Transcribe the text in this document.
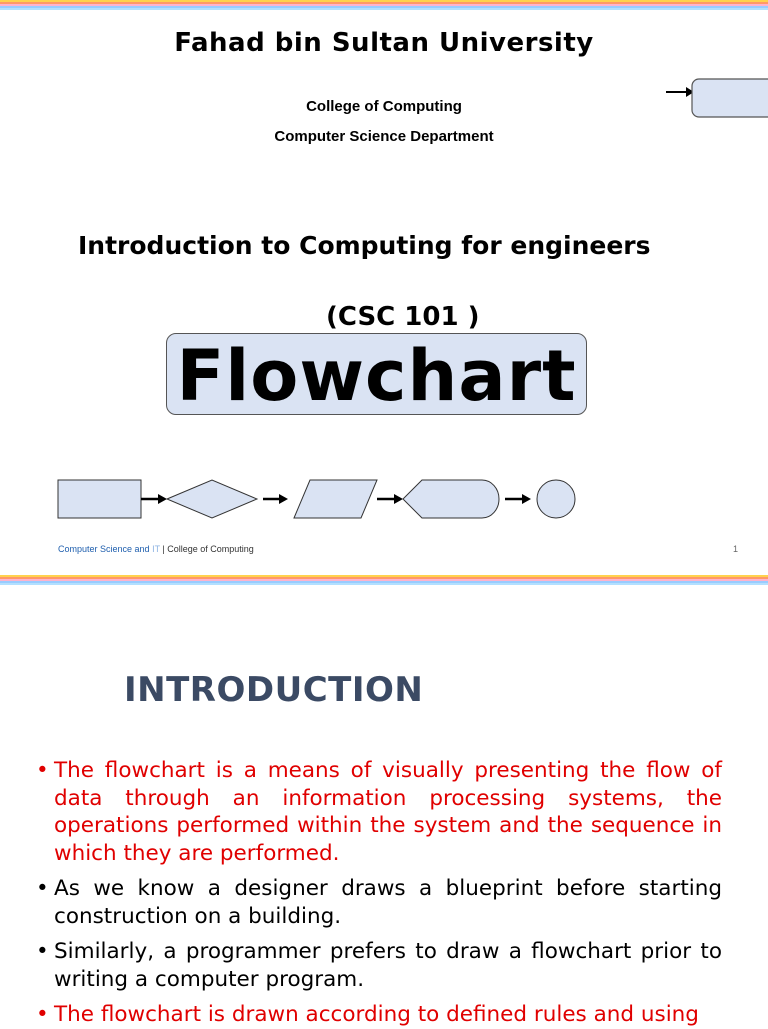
Fahad bin Sultan University
College of Computing
Computer Science Department
Introduction to Computing for engineers
(CSC 101 )
Flowchart
Computer Science and IT | College of Computing	1
INTRODUCTION
• The flowchart is a means of visually presenting the flow of data through an information processing systems, the operations performed within the system and the sequence in which they are performed.
• As we know a designer draws a blueprint before starting construction on a building.
• Similarly, a programmer prefers to draw a flowchart prior to writing a computer program.
• The flowchart is drawn according to defined rules and using
